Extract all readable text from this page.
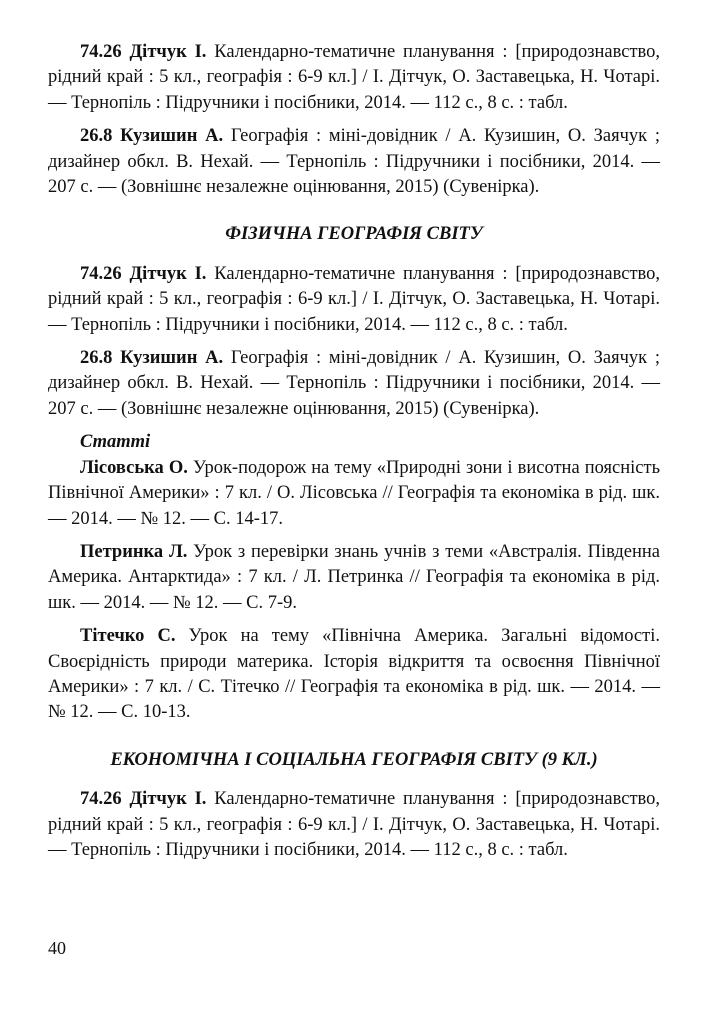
74.26 Дітчук І. Календарно-тематичне планування : [природознавство, рідний край : 5 кл., географія : 6-9 кл.] / І. Дітчук, О. Заставецька, Н. Чотарі. — Тернопіль : Підручники і посібники, 2014. — 112 с., 8 с. : табл.

26.8 Кузишин А. Географія : міні-довідник / А. Кузишин, О. Заячук ; дизайнер обкл. В. Нехай. — Тернопіль : Підручники і посібники, 2014. — 207 с. — (Зовнішнє незалежне оцінювання, 2015) (Сувенірка).

ФІЗИЧНА ГЕОГРАФІЯ СВІТУ

74.26 Дітчук І. Календарно-тематичне планування : [природознавство, рідний край : 5 кл., географія : 6-9 кл.] / І. Дітчук, О. Заставецька, Н. Чотарі. — Тернопіль : Підручники і посібники, 2014. — 112 с., 8 с. : табл.

26.8 Кузишин А. Географія : міні-довідник / А. Кузишин, О. Заячук ; дизайнер обкл. В. Нехай. — Тернопіль : Підручники і посібники, 2014. — 207 с. — (Зовнішнє незалежне оцінювання, 2015) (Сувенірка).

Статті

Лісовська О. Урок-подорож на тему «Природні зони і висотна поясність Північної Америки» : 7 кл. / О. Лісовська // Географія та економіка в рід. шк. — 2014. — № 12. — С. 14-17.

Петринка Л. Урок з перевірки знань учнів з теми «Австралія. Південна Америка. Антарктида» : 7 кл. / Л. Петринка // Географія та економіка в рід. шк. — 2014. — № 12. — С. 7-9.

Тітечко С. Урок на тему «Північна Америка. Загальні відомості. Своєрідність природи материка. Історія відкриття та освоєння Північної Америки» : 7 кл. / С. Тітечко // Географія та економіка в рід. шк. — 2014. — № 12. — С. 10-13.

ЕКОНОМІЧНА І СОЦІАЛЬНА ГЕОГРАФІЯ СВІТУ (9 КЛ.)

74.26 Дітчук І. Календарно-тематичне планування : [природознавство, рідний край : 5 кл., географія : 6-9 кл.] / І. Дітчук, О. Заставецька, Н. Чотарі. — Тернопіль : Підручники і посібники, 2014. — 112 с., 8 с. : табл.

40
